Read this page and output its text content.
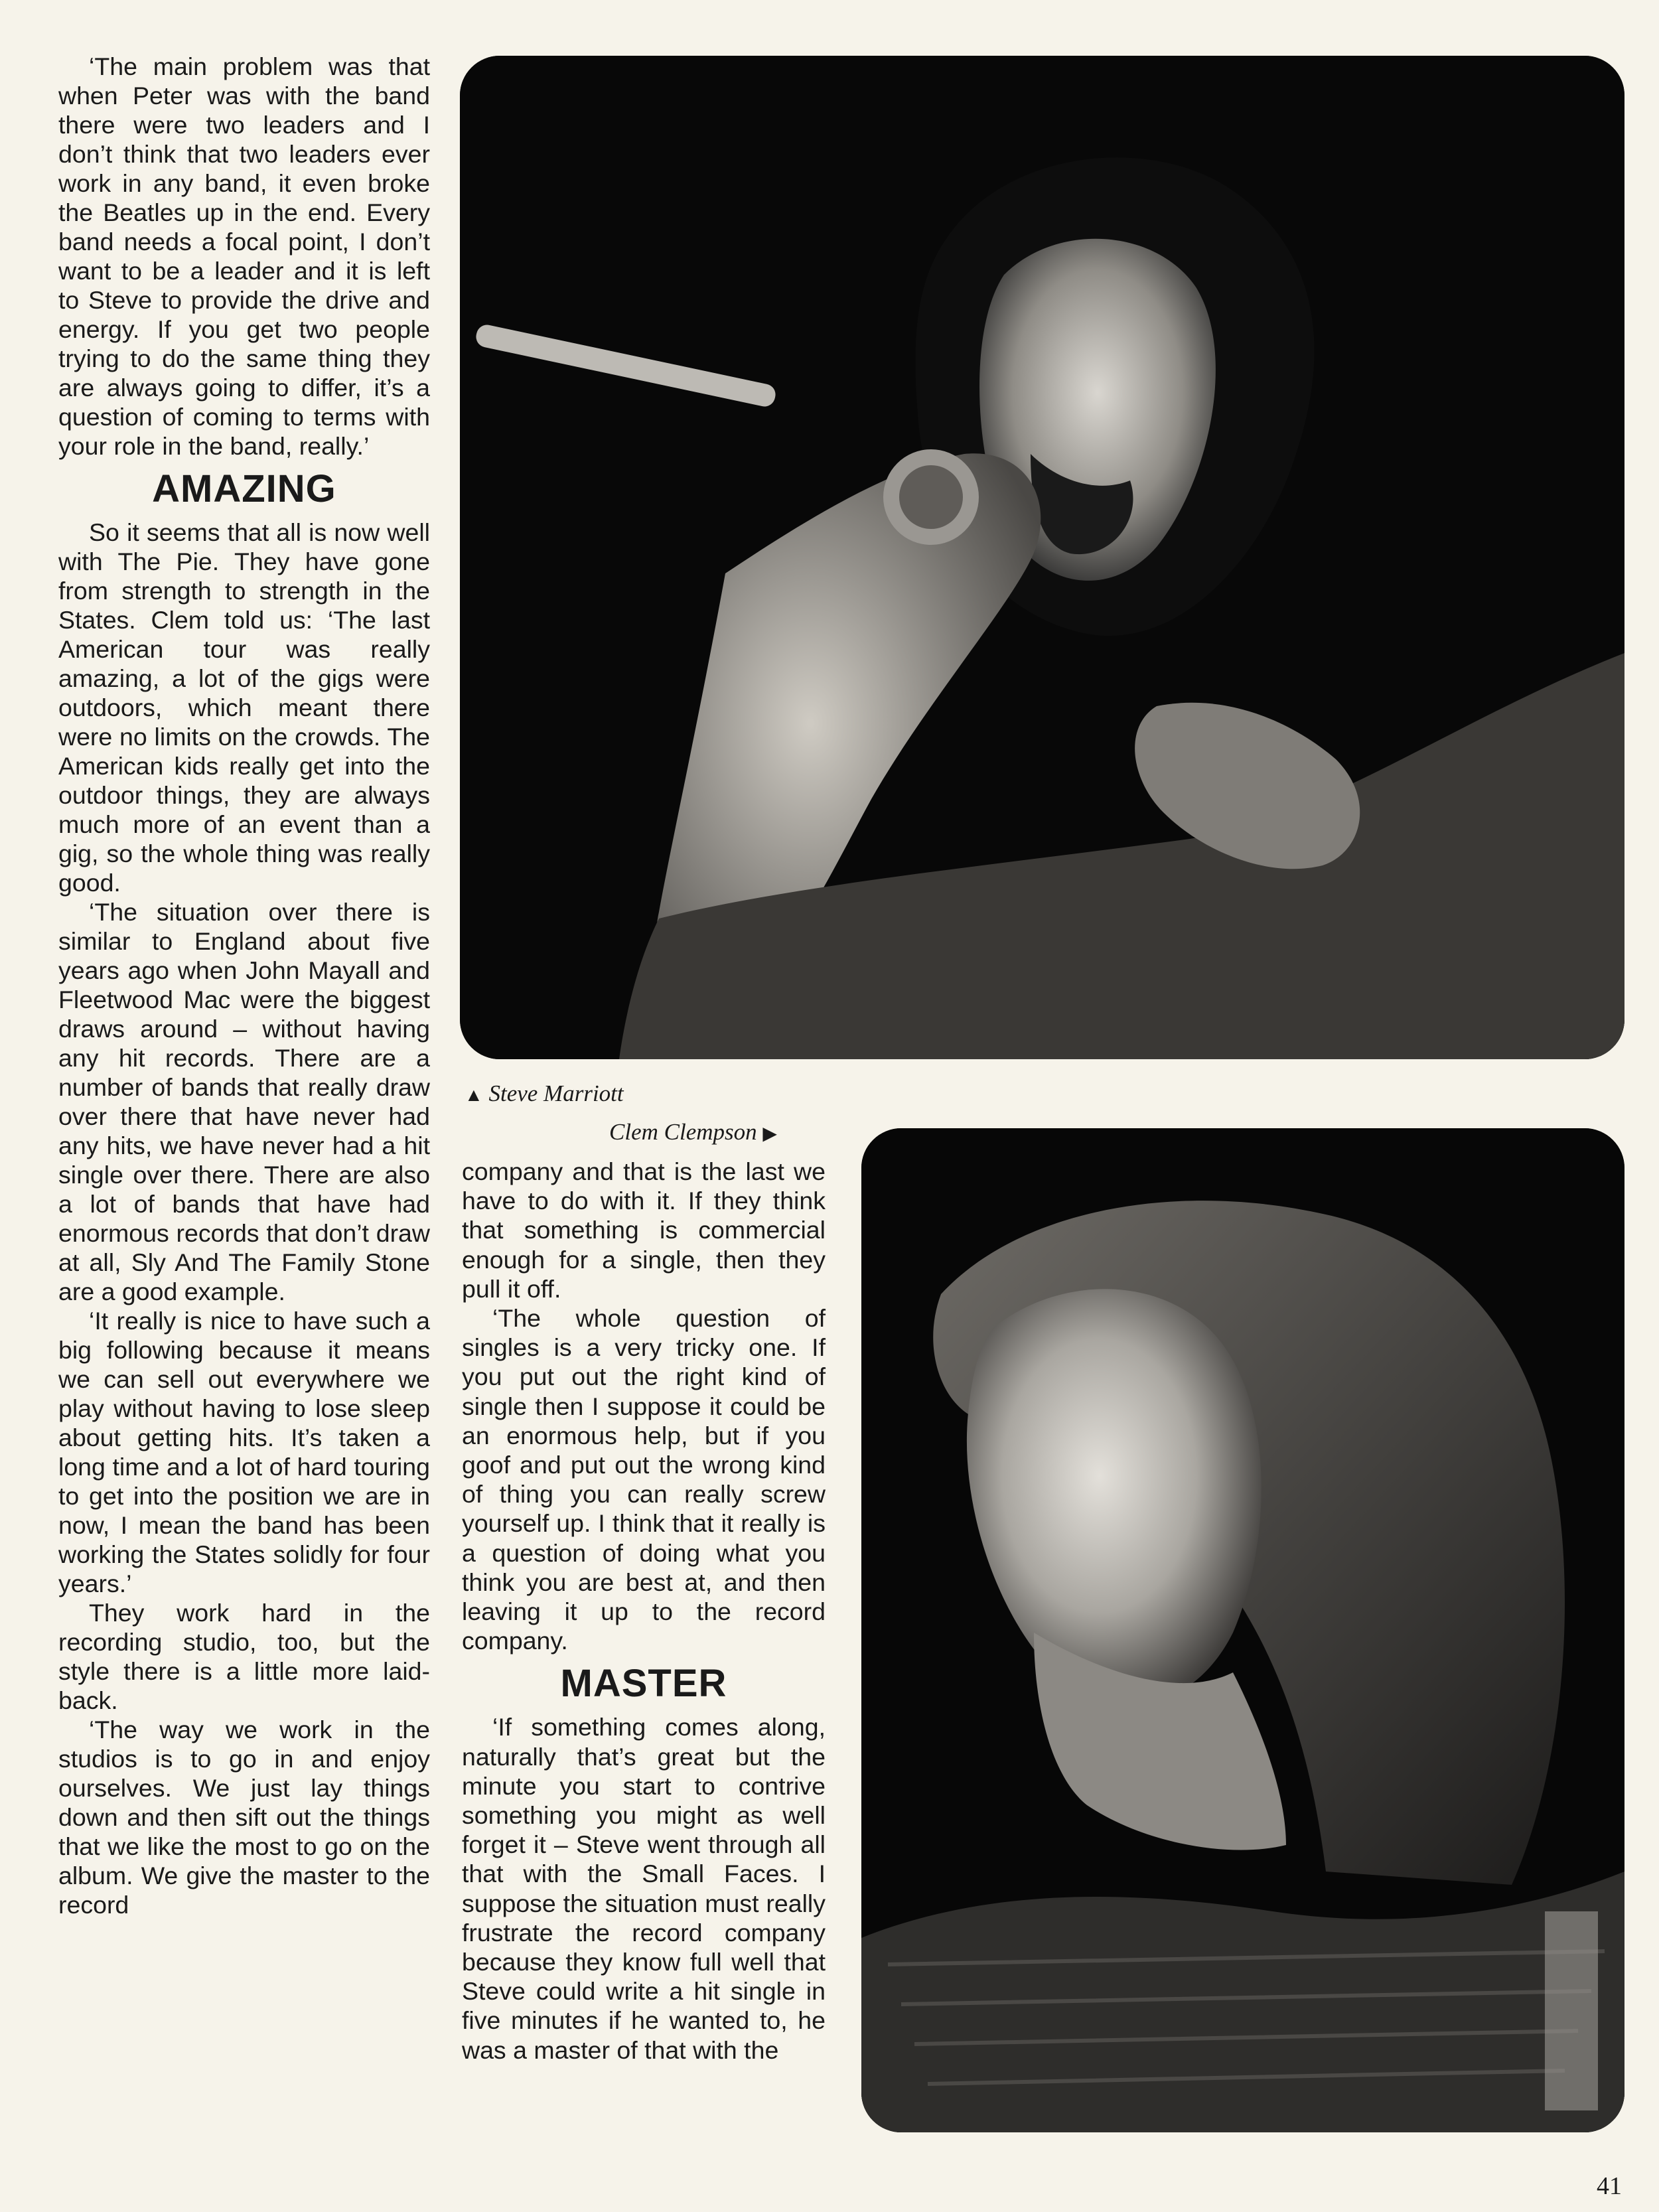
‘The main problem was that when Peter was with the band there were two leaders and I don’t think that two leaders ever work in any band, it even broke the Beatles up in the end. Every band needs a focal point, I don’t want to be a leader and it is left to Steve to provide the drive and energy. If you get two people trying to do the same thing they are always going to differ, it’s a question of coming to terms with your role in the band, really.’

AMAZING

So it seems that all is now well with The Pie. They have gone from strength to strength in the States. Clem told us: ‘The last American tour was really amazing, a lot of the gigs were outdoors, which meant there were no limits on the crowds. The American kids really get into the outdoor things, they are always much more of an event than a gig, so the whole thing was really good.

‘The situation over there is similar to England about five years ago when John Mayall and Fleetwood Mac were the biggest draws around – without having any hit records. There are a number of bands that really draw over there that have never had any hits, we have never had a hit single over there. There are also a lot of bands that have had enormous records that don’t draw at all, Sly And The Family Stone are a good example.

‘It really is nice to have such a big following because it means we can sell out everywhere we play without having to lose sleep about getting hits. It’s taken a long time and a lot of hard touring to get into the position we are in now, I mean the band has been working the States solidly for four years.’

They work hard in the recording studio, too, but the style there is a little more laid-back.

‘The way we work in the studios is to go in and enjoy ourselves. We just lay things down and then sift out the things that we like the most to go on the album. We give the master to the record

▲ Steve Marriott
Clem Clempson ▶

company and that is the last we have to do with it. If they think that something is commercial enough for a single, then they pull it off.

‘The whole question of singles is a very tricky one. If you put out the right kind of single then I suppose it could be an enormous help, but if you goof and put out the wrong kind of thing you can really screw yourself up. I think that it really is a question of doing what you think you are best at, and then leaving it up to the record company.

MASTER

‘If something comes along, naturally that’s great but the minute you start to contrive something you might as well forget it – Steve went through all that with the Small Faces. I suppose the situation must really frustrate the record company because they know full well that Steve could write a hit single in five minutes if he wanted to, he was a master of that with the

41
